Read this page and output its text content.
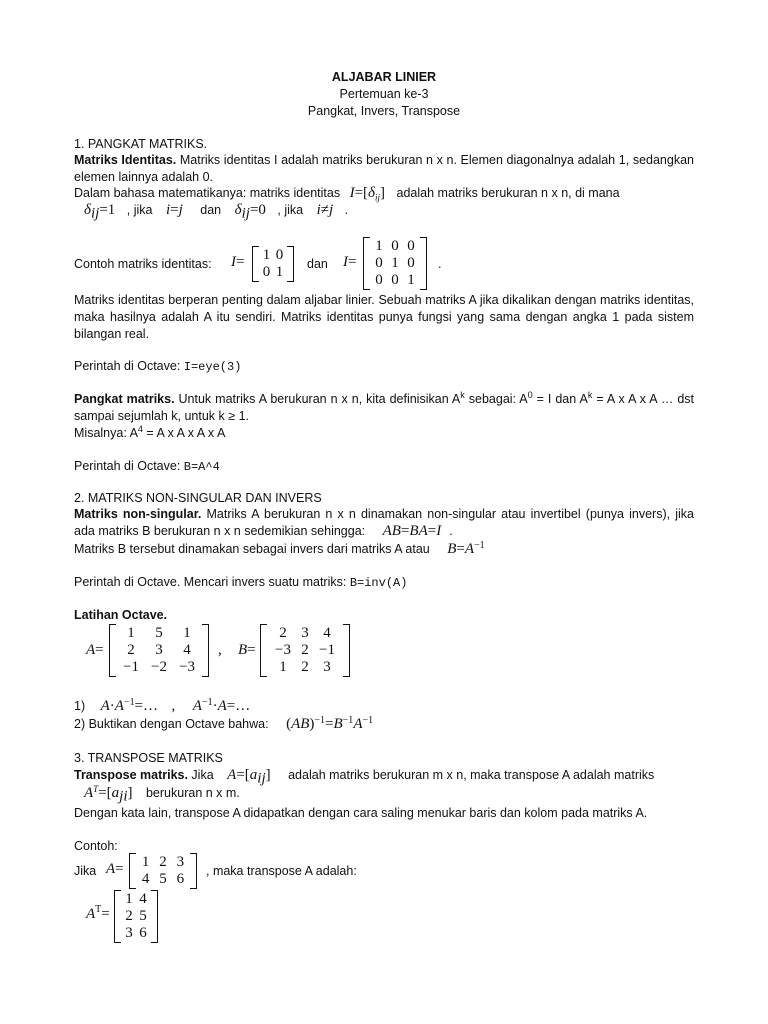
ALJABAR LINIER
Pertemuan ke-3
Pangkat, Invers, Transpose
1. PANGKAT MATRIKS.
Matriks Identitas. Matriks identitas I adalah matriks berukuran n x n. Elemen diagonalnya adalah 1, sedangkan elemen lainnya adalah 0.
Dalam bahasa matematikanya: matriks identitas $I=[\delta_{ij}]$ adalah matriks berukuran n x n, di mana
$\delta_{ij}=1$ , jika i=j dan $\delta_{ij}=0$ , jika i≠j .
Contoh matriks identitas:	I= 1	0
0	1 dan	I=
1	0	0
0	1	0
0	0	1
.
Matriks identitas berperan penting dalam aljabar linier. Sebuah matriks A jika dikalikan dengan matriks identitas, maka hasilnya adalah A itu sendiri. Matriks identitas punya fungsi yang sama dengan angka 1 pada sistem bilangan real.
Perintah di Octave: I=eye(3)
Pangkat matriks. Untuk matriks A berukuran n x n, kita definisikan $A^k$ sebagai: $A^0 = I$ dan $A^k = A$ x A x A … dst sampai sejumlah k, untuk k ≥ 1.
Misalnya: $A^4 = A$ x A x A x A
Perintah di Octave: B=A^4
2. MATRIKS NON-SINGULAR DAN INVERS
Matriks non-singular. Matriks A berukuran n x n dinamakan non-singular atau invertibel (punya invers), jika ada matriks B berukuran n x n sedemikian sehingga: AB=BA=I .
Matriks B tersebut dinamakan sebagai invers dari matriks A atau $B=A^{-1}$
Perintah di Octave. Mencari invers suatu matriks: B=inv(A)
Latihan Octave.
A=
1	5	1
2	3	4
−1	−2	−3
, B=
2	3	4
−3	2	−1
1	2	3
1) $A\cdot A^{-1}=\dots$ , $A^{-1}\cdot A=\dots$
2) Buktikan dengan Octave bahwa: $(AB)^{-1}=B^{-1}A^{-1}$
3. TRANSPOSE MATRIKS
Transpose matriks. Jika $A=[a_{ij}]$ adalah matriks berukuran m x n, maka transpose A adalah matriks
$A^T=[a_{ji}]$ berukuran n x m.
Dengan kata lain, transpose A didapatkan dengan cara saling menukar baris dan kolom pada matriks A.
Contoh:
Jika A= 1	2	3
4	5	6 , maka transpose A adalah:
$A^T=$
1	4
2	5
3	6
